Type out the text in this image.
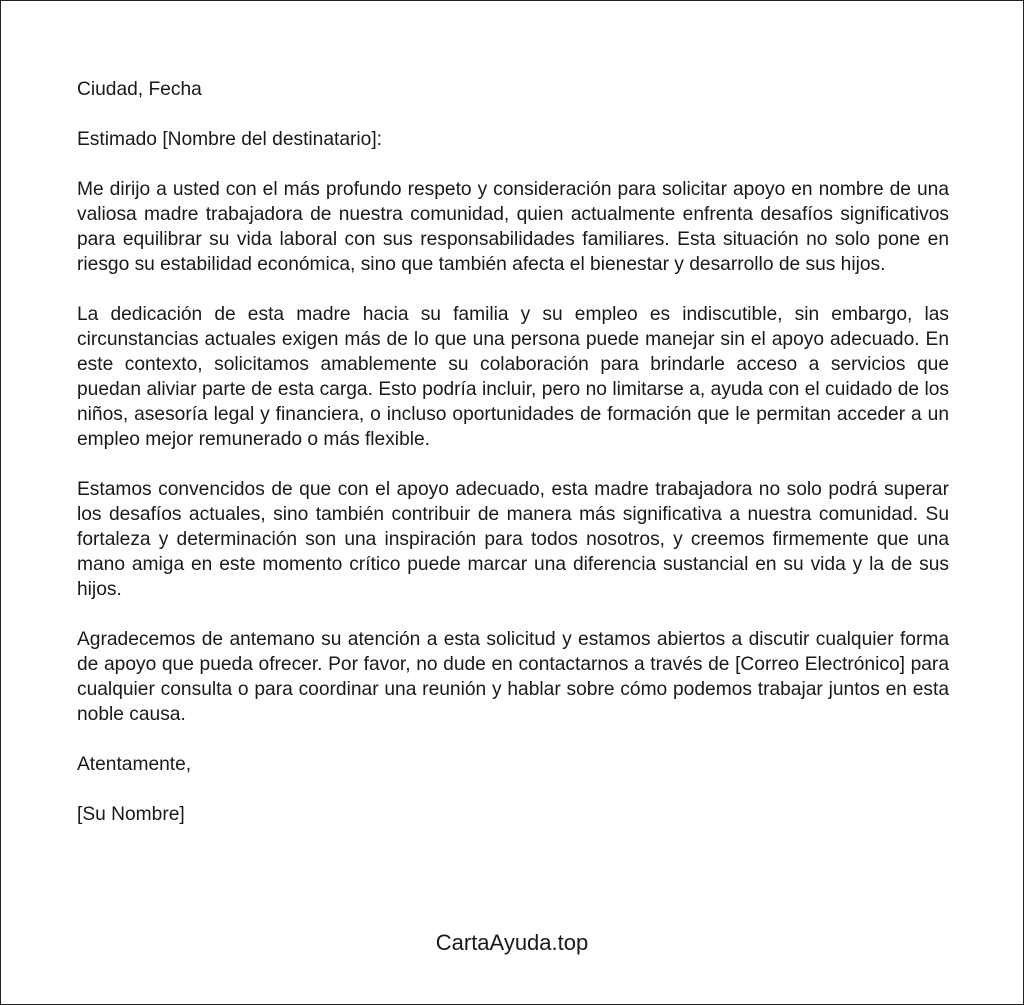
Ciudad, Fecha

Estimado [Nombre del destinatario]:

Me dirijo a usted con el más profundo respeto y consideración para solicitar apoyo en nombre de una valiosa madre trabajadora de nuestra comunidad, quien actualmente enfrenta desafíos significativos para equilibrar su vida laboral con sus responsabilidades familiares. Esta situación no solo pone en riesgo su estabilidad económica, sino que también afecta el bienestar y desarrollo de sus hijos.

La dedicación de esta madre hacia su familia y su empleo es indiscutible, sin embargo, las circunstancias actuales exigen más de lo que una persona puede manejar sin el apoyo adecuado. En este contexto, solicitamos amablemente su colaboración para brindarle acceso a servicios que puedan aliviar parte de esta carga. Esto podría incluir, pero no limitarse a, ayuda con el cuidado de los niños, asesoría legal y financiera, o incluso oportunidades de formación que le permitan acceder a un empleo mejor remunerado o más flexible.

Estamos convencidos de que con el apoyo adecuado, esta madre trabajadora no solo podrá superar los desafíos actuales, sino también contribuir de manera más significativa a nuestra comunidad. Su fortaleza y determinación son una inspiración para todos nosotros, y creemos firmemente que una mano amiga en este momento crítico puede marcar una diferencia sustancial en su vida y la de sus hijos.

Agradecemos de antemano su atención a esta solicitud y estamos abiertos a discutir cualquier forma de apoyo que pueda ofrecer. Por favor, no dude en contactarnos a través de [Correo Electrónico] para cualquier consulta o para coordinar una reunión y hablar sobre cómo podemos trabajar juntos en esta noble causa.

Atentamente,

[Su Nombre]

CartaAyuda.top
